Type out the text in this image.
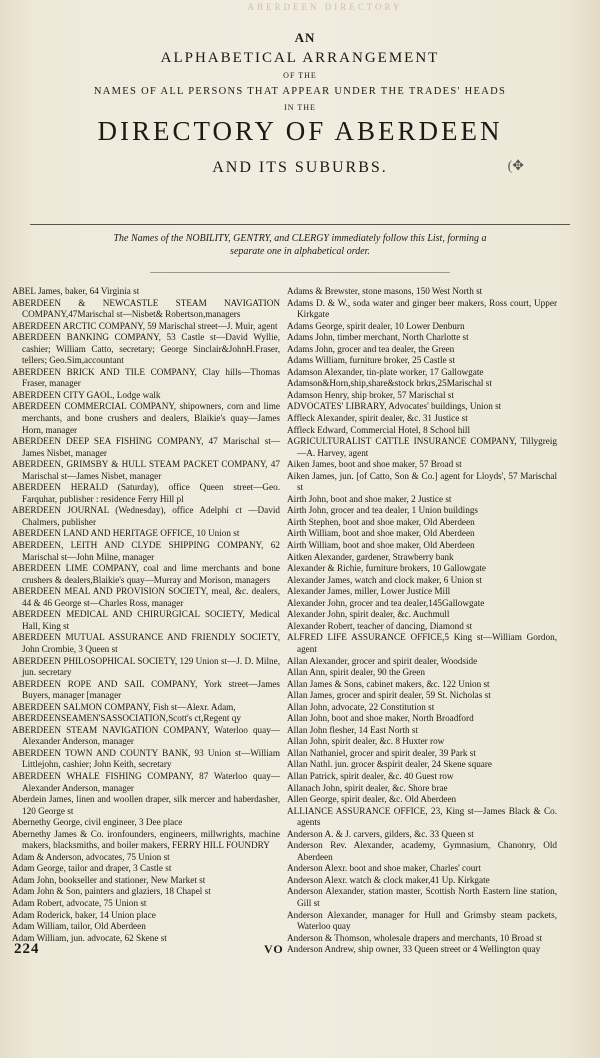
ABERDEEN DIRECTORY
AN
ALPHABETICAL ARRANGEMENT
OF THE
NAMES OF ALL PERSONS THAT APPEAR UNDER THE TRADES' HEADS
IN THE
DIRECTORY OF ABERDEEN
AND ITS SUBURBS.	(✥
The Names of the NOBILITY, GENTRY, and CLERGY immediately follow this List, forming a
separate one in alphabetical order.
ABEL James, baker, 64 Virginia st
ABERDEEN & NEWCASTLE STEAM NAVIGATION COMPANY,47Marischal st—Nisbet& Robertson,managers
ABERDEEN ARCTIC COMPANY, 59 Marischal street—J. Muir, agent
ABERDEEN BANKING COMPANY, 53 Castle st—David Wyllie, cashier; William Catto, secretary; George Sinclair&JohnH.Fraser, tellers; Geo.Sim,accountant
ABERDEEN BRICK AND TILE COMPANY, Clay hills—Thomas Fraser, manager
ABERDEEN CITY GAOL, Lodge walk
ABERDEEN COMMERCIAL COMPANY, shipowners, corn and lime merchants, and bone crushers and dealers, Blaikie's quay—James Horn, manager
ABERDEEN DEEP SEA FISHING COMPANY, 47 Marischal st—James Nisbet, manager
ABERDEEN, GRIMSBY & HULL STEAM PACKET COMPANY, 47 Marischal st—James Nisbet, manager
ABERDEEN HERALD (Saturday), office Queen street—Geo. Farquhar, publisher : residence Ferry Hill pl
ABERDEEN JOURNAL (Wednesday), office Adelphi ct —David Chalmers, publisher
ABERDEEN LAND AND HERITAGE OFFICE, 10 Union st
ABERDEEN, LEITH AND CLYDE SHIPPING COMPANY, 62 Marischal st—John Milne, manager
ABERDEEN LIME COMPANY, coal and lime merchants and bone crushers & dealers,Blaikie's quay—Murray and Morison, managers
ABERDEEN MEAL AND PROVISION SOCIETY, meal, &c. dealers, 44 & 46 George st—Charles Ross, manager
ABERDEEN MEDICAL AND CHIRURGICAL SOCIETY, Medical Hall, King st
ABERDEEN MUTUAL ASSURANCE AND FRIENDLY SOCIETY, John Crombie, 3 Queen st
ABERDEEN PHILOSOPHICAL SOCIETY, 129 Union st—J. D. Milne, jun. secretary
ABERDEEN ROPE AND SAIL COMPANY, York street—James Buyers, manager [manager
ABERDEEN SALMON COMPANY, Fish st—Alexr. Adam,
ABERDEENSEAMEN'SASSOCIATION,Scott's ct,Regent qy
ABERDEEN STEAM NAVIGATION COMPANY, Waterloo quay—Alexander Anderson, manager
ABERDEEN TOWN AND COUNTY BANK, 93 Union st—William Littlejohn, cashier; John Keith, secretary
ABERDEEN WHALE FISHING COMPANY, 87 Waterloo quay—Alexander Anderson, manager
Aberdein James, linen and woollen draper, silk mercer and haberdasher, 120 George st
Abernethy George, civil engineer, 3 Dee place
Abernethy James & Co. ironfounders, engineers, millwrights, machine makers, blacksmiths, and boiler makers, FERRY HILL FOUNDRY
Adam & Anderson, advocates, 75 Union st
Adam George, tailor and draper, 3 Castle st
Adam John, bookseller and stationer, New Market st
Adam John & Son, painters and glaziers, 18 Chapel st
Adam Robert, advocate, 75 Union st
Adam Roderick, baker, 14 Union place
Adam William, tailor, Old Aberdeen
Adam William, jun. advocate, 62 Skene st
Adams & Brewster, stone masons, 150 West North st
Adams D. & W., soda water and ginger beer makers, Ross court, Upper Kirkgate
Adams George, spirit dealer, 10 Lower Denburn
Adams John, timber merchant, North Charlotte st
Adams John, grocer and tea dealer, the Green
Adams William, furniture broker, 25 Castle st
Adamson Alexander, tin-plate worker, 17 Gallowgate
Adamson&Horn,ship,share&stock brkrs,25Marischal st
Adamson Henry, ship broker, 57 Marischal st
ADVOCATES' LIBRARY, Advocates' buildings, Union st
Affleck Alexander, spirit dealer, &c. 31 Justice st
Affleck Edward, Commercial Hotel, 8 School hill
AGRICULTURALIST CATTLE INSURANCE COMPANY, Tillygreig—A. Harvey, agent
Aiken James, boot and shoe maker, 57 Broad st
Aiken James, jun. [of Catto, Son & Co.] agent for Lloyds', 57 Marischal st
Airth John, boot and shoe maker, 2 Justice st
Airth John, grocer and tea dealer, 1 Union buildings
Airth Stephen, boot and shoe maker, Old Aberdeen
Airth William, boot and shoe maker, Old Aberdeen
Airth William, boot and shoe maker, Old Aberdeen
Aitken Alexander, gardener, Strawberry bank
Alexander & Richie, furniture brokers, 10 Gallowgate
Alexander James, watch and clock maker, 6 Union st
Alexander James, miller, Lower Justice Mill
Alexander John, grocer and tea dealer,145Gallowgate
Alexander John, spirit dealer, &c. Auchmull
Alexander Robert, teacher of dancing, Diamond st
ALFRED LIFE ASSURANCE OFFICE,5 King st—William Gordon, agent
Allan Alexander, grocer and spirit dealer, Woodside
Allan Ann, spirit dealer, 90 the Green
Allan James & Sons, cabinet makers, &c. 122 Union st
Allan James, grocer and spirit dealer, 59 St. Nicholas st
Allan John, advocate, 22 Constitution st
Allan John, boot and shoe maker, North Broadford
Allan John flesher, 14 East North st
Allan John, spirit dealer, &c. 8 Huxter row
Allan Nathaniel, grocer and spirit dealer, 39 Park st
Allan Nathl. jun. grocer &spirit dealer, 24 Skene square
Allan Patrick, spirit dealer, &c. 40 Guest row
Allanach John, spirit dealer, &c. Shore brae
Allen George, spirit dealer, &c. Old Aberdeen
ALLIANCE ASSURANCE OFFICE, 23, King st—James Black & Co. agents
Anderson A. & J. carvers, gilders, &c. 33 Queen st
Anderson Rev. Alexander, academy, Gymnasium, Chanonry, Old Aberdeen
Anderson Alexr. boot and shoe maker, Charles' court
Anderson Alexr. watch & clock maker,41 Up. Kirkgate
Anderson Alexander, station master, Scottish North Eastern line station, Gill st
Anderson Alexander, manager for Hull and Grimsby steam packets, Waterloo quay
Anderson & Thomson, wholesale drapers and merchants, 10 Broad st
Anderson Andrew, ship owner, 33 Queen street or 4 Wellington quay
224	VO
